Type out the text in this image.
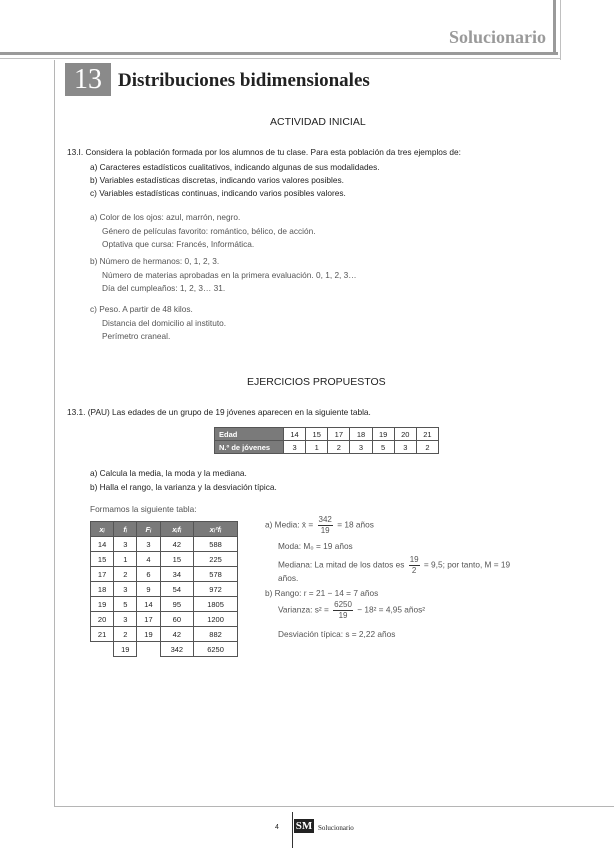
Solucionario
13 Distribuciones bidimensionales
ACTIVIDAD INICIAL
13.I. Considera la población formada por los alumnos de tu clase. Para esta población da tres ejemplos de:
a) Caracteres estadísticos cualitativos, indicando algunas de sus modalidades.
b) Variables estadísticas discretas, indicando varios valores posibles.
c) Variables estadísticas continuas, indicando varios posibles valores.
a) Color de los ojos: azul, marrón, negro.
Género de películas favorito: romántico, bélico, de acción.
Optativa que cursa: Francés, Informática.
b) Número de hermanos: 0, 1, 2, 3.
Número de materias aprobadas en la primera evaluación. 0, 1, 2, 3…
Día del cumpleaños: 1, 2, 3… 31.
c) Peso. A partir de 48 kilos.
Distancia del domicilio al instituto.
Perímetro craneal.
EJERCICIOS PROPUESTOS
13.1. (PAU) Las edades de un grupo de 19 jóvenes aparecen en la siguiente tabla.
Edad	14	15	17	18	19	20	21
N.º de jóvenes	3	1	2	3	5	3	2
a) Calcula la media, la moda y la mediana.
b) Halla el rango, la varianza y la desviación típica.
Formamos la siguiente tabla:
xᵢ	fᵢ	Fᵢ	xᵢfᵢ	xᵢ²fᵢ
14	3	3	42	588
15	1	4	15	225
17	2	6	34	578
18	3	9	54	972
19	5	14	95	1805
20	3	17	60	1200
21	2	19	42	882
	19		342	6250
a) Media: x̄ = $\frac{342}{19} = 18$ años
Moda: M₀ = 19 años
Mediana: La mitad de los datos es $\frac{19}{2} = 9,5$; por tanto, M = 19
años.
b) Rango: r = 21 − 14 = 7 años
Varianza: $s^2 = \frac{6250}{19} - 18^2 = 4,95$ años²
Desviación típica: s = 2,22 años
4 SM Solucionario
